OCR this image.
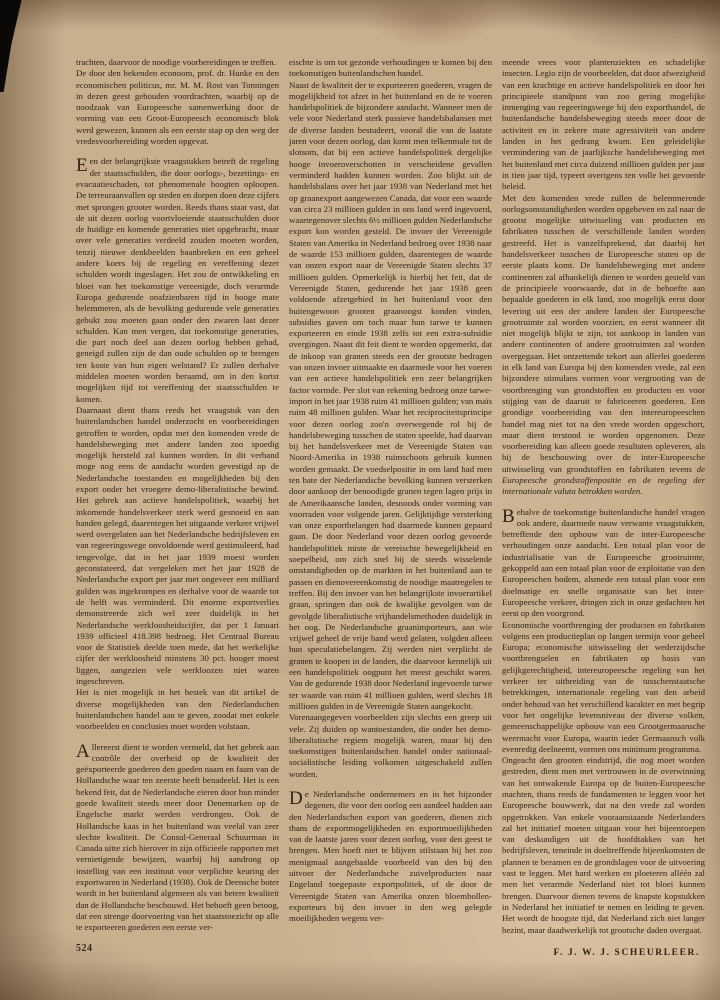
trachten, daarvoor de noodige voorbereidingen te treffen.

De door den bekenden econoom, prof. dr. Hunke en den economischen politicus, mr. M. M. Rost van Tonningen in dezen geest gehouden voordrachten, waarbij op de noodzaak van Europeesche samenwerking door de vorming van een Groot-Europeesch economisch blok werd gewezen, kunnen als een eerste stap op den weg der vredesvoorbereiding worden opgevat.

Een der belangrijkste vraagstukken betreft de regeling der staatsschulden, die door oorlogs-, bezettings- en evacuatieschaden, tot phenomenale hoogten oploopen. De terreuraanvallen op steden en dorpen doen deze cijfers met sprongen grooter worden. Reeds thans staat vast, dat de uit dezen oorlog voortvloeiende staatsschulden door de huidige en komende generaties niet opgebracht, maar over vele generaties verdeeld zouden moeten worden, tenzij nieuwe denkbeelden baanbreken en een geheel andere koers bij de regeling en vereffening dezer schulden wordt ingeslagen. Het zou de ontwikkeling en bloei van het toekomstige vereenigde, doch verarmde Europa gedurende onafzienbaren tijd in hooge mate belemmeren, als de bevolking gedurende vele generaties gebukt zou moeten gaan onder den zwaren last dezer schulden. Kan men vergen, dat toekomstige generaties, die part noch deel aan dezen oorlog hebben gehad, geneigd zullen zijn de dan oude schulden op te brengen ten koste van hun eigen welstand? Er zullen derhalve middelen moeten worden beraamd, om in den kortst mogelijken tijd tot vereffening der staatsschulden te komen.

Daarnaast dient thans reeds het vraagstuk van den buitenlandschen handel onderzocht en voorbereidingen getroffen te worden, opdat met den komenden vrede de handelsbeweging met andere landen zoo spoedig mogelijk hersteld zal kunnen worden. In dit verband moge nog eens de aandacht worden gevestigd op de Nederlandsche toestanden en mogelijkheden bij den export onder het vroegere demo-liberalistische bewind. Het gebrek aan actieve handelspolitiek, waarbij het inkomende handelsverkeer sterk werd gesnoeid en aan banden gelegd, daarentegen het uitgaande verkeer vrijwel werd overgelaten aan het Nederlandsche bedrijfsleven en van regeeringswege onvoldoende werd gestimuleerd, had tengevolge, dat in het jaar 1939 moest worden geconstateerd, dat vergeleken met het jaar 1928 de Nederlandsche export per jaar met ongeveer een milliard gulden was ingekrompen en derhalve voor de waarde tot de helft was verminderd. Dit enorme exportverlies demonstreerde zich wel zeer duidelijk in het Nederlandsche werkloosheidscijfer, dat per 1 Januari 1939 officieel 418.398 bedroeg. Het Centraal Bureau voor de Statistiek deelde toen mede, dat het werkelijke cijfer der werkloosheid minstens 30 pct. hooger moest liggen, aangezien vele werkloozen niet waren ingeschreven.

Het is niet mogelijk in het bestek van dit artikel de diverse mogelijkheden van den Nederlandschen buitenlandschen handel aan te geven, zoodat met enkele voorbeelden en conclusies moet worden volstaan.

Allereerst dient te worden vermeld, dat het gebrek aan contrôle der overheid op de kwaliteit der geëxporteerde goederen den goeden naam en faam van de Hollandsche waar ten zeerste heeft benadeeld. Het is een bekend feit, dat de Nederlandsche eieren door hun minder goede kwaliteit steeds meer door Denemarken op de Engelsche markt werden verdrongen. Ook de Hollandsche kaas in het buitenland was veelal van zeer slechte kwaliteit. De Consul-Generaal Schuurman in Canada uitte zich hierover in zijn officieele rapporten met vernietigende bewijzen, waarbij hij aandrong op instelling van een instituut voor verplichte keuring der exportwaren in Nederland (1938). Ook de Deensche boter wordt in het buitenland algemeen als van betere kwaliteit dan de Hollandsche beschouwd. Het behoeft geen betoog, dat een strenge doorvoering van het staatstoezicht op alle te exporteeren goederen een eerste ver-

eischte is om tot gezonde verhoudingen te komen bij den toekomstigen buitenlandschen handel.

Naast de kwaliteit der te exporteeren goederen, vragen de mogelijkheid tot afzet in het buitenland en de te voeren handelspolitiek de bijzondere aandacht. Wanneer men de vele voor Nederland sterk passieve handelsbalansen met de diverse landen bestudeert, vooral die van de laatste jaren voor dezen oorlog, dan komt men telkenmale tot de slotsom, dat bij een actieve handelspolitiek dergelijke hooge invoeroverschotten in verscheidene gevallen verminderd hadden kunnen worden. Zoo blijkt uit de handelsbalans over het jaar 1938 van Nederland met het op graanexport aangewezen Canada, dat voor een waarde van circa 23 millioen gulden in ons land werd ingevoerd, waartegenover slechts 6½ millioen gulden Nederlandsche export kon worden gesteld. De invoer der Vereenigde Staten van Amerika in Nederland bedroeg over 1938 naar de waarde 153 millioen gulden, daarentegen de waarde van onzen export naar de Vereenigde Staten slechts 37 millioen gulden. Opmerkelijk is hierbij het feit, dat de Vereenigde Staten, gedurende het jaar 1938 geen voldoende afzetgebied in het buitenland voor den buitengewoon grooten graanoogst konden vinden, subsidies gaven om toch maar hun tarwe te kunnen exporteeren en einde 1938 zelfs tot een extra-subsidie overgingen. Naast dit feit dient te worden opgemerkt, dat de inkoop van granen steeds een der grootste bedragen van onzen invoer uitmaakte en daarmede voor het voeren van een actieve handelspolitiek een zeer belangrijken factor vormde. Per slot van rekening bedroeg onze tarwe-import in het jaar 1938 ruim 41 millioen gulden; van maïs ruim 48 millioen gulden. Waar het reciprociteitsprincipe voor dezen oorlog zoo'n overwegende rol bij de handelsbeweging tusschen de staten speelde, had daarvan bij het handelsverkeer met de Vereenigde Staten van Noord-Amerika in 1938 ruimschoots gebruik kunnen worden gemaakt. De voedselpositie in ons land had men ten bate der Nederlandsche bevolking kunnen versterken door aankoop der benoodigde granen tegen lagen prijs in de Amerikaansche landen, desnoods onder vorming van voorraden voor volgende jaren. Gelijktijdige versterking van onze exportbelangen had daarmede kunnen gepaard gaan. De door Nederland voor dezen oorlog gevoerde handelspolitiek miste de vereischte bewegelijkheid en soepelheid, om zich snel bij de steeds wisselende omstandigheden op de markten in het buitenland aan te passen en dienovereenkomstig de noodige maatregelen te treffen. Bij den invoer van het belangrijkste invoerartikel graan, springen dan ook de kwalijke gevolgen van de gevolgde liberalistische vrijhandelsmethoden duidelijk in het oog. De Nederlandsche graanimporteurs, aan wie vrijwel geheel de vrije hand werd gelaten, volgden alleen hun speculatiebelangen. Zij werden niet verplicht de granen te koopen in de landen, die daarvoor kennelijk uit een handelspolitiek oogpunt het meest geschikt waren. Van de gedurende 1938 door Nederland ingevoerde tarwe ter waarde van ruim 41 millioen gulden, werd slechts 18 millioen gulden in de Vereenigde Staten aangekocht.

Vorenaangegeven voorbeelden zijn slechts een greep uit vele. Zij duiden op wantoestanden, die onder het demo-liberalistische regiem mogelijk waren, maar bij den toekomstigen buitenlandschen handel onder nationaal-socialistische leiding volkomen uitgeschakeld zullen worden.

De Nederlandsche ondernemers en in het bijzonder degenen, die voor den oorlog een aandeel hadden aan den Nederlandschen export van goederen, dienen zich thans de exportmogelijkheden en exportmoeilijkheden van de laatste jaren voor dezen oorlog, voor den geest te brengen. Men hoeft niet te blijven stilstaan bij het zoo menigmaal aangehaalde voorbeeld van den bij den uitvoer der Nederlandsche zuivelproducten naar Engeland toegepaste exportpolitiek, of de door de Vereenigde Staten van Amerika onzen bloembollen-exporteurs bij den invoer in den weg gelegde moeilijkheden wegens ver-

meende vrees voor plantenziekten en schadelijke insecten. Legio zijn de voorbeelden, dat door afwezigheid van een krachtige en actieve handelspolitiek en door het principieele standpunt van zoo gering mogelijke inmenging van regeeringswege bij den exporthandel, de buitenlandsche handelsbeweging steeds meer door de activiteit en in zekere mate agressiviteit van andere landen in het gedrang kwam. Een geleidelijke vermindering van de jaarlijksche handelsbeweging met het buitenland met circa duizend millioen gulden per jaar in tien jaar tijd, typeert overigens ten volle het gevoerde beleid.

Met den komenden vrede zullen de belemmerende oorlogsomstandigheden worden opgeheven en zal naar de grootst mogelijke uitwisseling van producten en fabrikaten tusschen de verschillende landen worden gestreefd. Het is vanzelfsprekend, dat daarbij het handelsverkeer tusschen de Europeesche staten op de eerste plaats komt. De handelsbeweging met andere continenten zal afhankelijk dienen te worden gesteld van de principieele voorwaarde, dat in de behoefte aan bepaalde goederen in elk land, zoo mogelijk eerst door levering uit een der andere landen der Europeesche grootruimte zal worden voorzien, en eerst wanneer dit niet mogelijk blijkt te zijn, tot aankoop in landen van andere continenten of andere grootruimten zal worden overgegaan. Het ontzettende tekort aan allerlei goederen in elk land van Europa bij den komenden vrede, zal een bijzondere stimulans vormen voor vergrooting van de voortbrenging van grondstoffen en producten en voor stijging van de daaruit te fabriceeren goederen. Een grondige voorbereiding van den intereuropeeschen handel mag niet tot na den vrede worden opgeschort, maar dient terstond te worden opgenomen. Deze voorbereiding kan alleen goede resultaten opleveren, als bij de beschouwing over de inter-Europeesche uitwisseling van grondstoffen en fabrikaten tevens de Europeesche grondstoffenpositie en de regeling der internationale valuta betrokken worden.

Behalve de toekomstige buitenlandsche handel vragen ook andere, daarmede nauw verwante vraagstukken, betreffende den opbouw van de inter-Europeesche verhoudingen onze aandacht. Een totaal plan voor de industrialisatie van de Europeesche grootruimte, gekoppeld aan een totaal plan voor de exploitatie van den Europeeschen bodem, alsmede een totaal plan voor een doelmatige en snelle organisatie van het inter-Europeesche verkeer, dringen zich in onze gedachten het eerst op den voorgrond.

Economische voortbrenging der producten en fabrikaten volgens een productieplan op langen termijn voor geheel Europa; economische uitwisseling der wederzijdsche voortbrengselen en fabrikaten op basis van gelijkgerechtigheid, intereuropeesche regeling van het verkeer ter uitbreiding van de tusschenstaatsche betrekkingen, internationale regeling van den arbeid onder behoud van het verschillend karakter en met begrip voor het ongelijke levensniveau der diverse volken, gemeenschappelijke opbouw van een Grootgermaansche weermacht voor Europa, waarin ieder Germaansch volk evenredig deelneemt, vormen ons minimum programma.

Ongeacht den grooten eindstrijd, die nog moet worden gestreden, dient men met vertrouwen in de overwinning van het ontwakende Europa op de buiten-Europeesche machten, thans reeds de fundamenten te leggen voor het Europeesche bouwwerk, dat na den vrede zal worden opgetrokken. Van enkele vooraanstaande Nederlanders zal het initiatief moeten uitgaan voor het bijeenroepen van deskundigen uit de hoofdtakken van het bedrijfsleven, teneinde in doeltreffende bijeenkomsten de plannen te beramen en de grondslagen voor de uitvoering vast te leggen. Met hard werken en ploeteren alléén zal men het verarmde Nederland niet tot bloei kunnen brengen. Daarvoor dienen tevens de knapste kopstukken in Nederland het initiatief te nemen en leiding te geven. Het wordt de hoogste tijd, dat Nederland zich niet langer bezint, maar daadwerkelijk tot grootsche daden overgaat.

524	F. J. W. J. SCHEURLEER.
